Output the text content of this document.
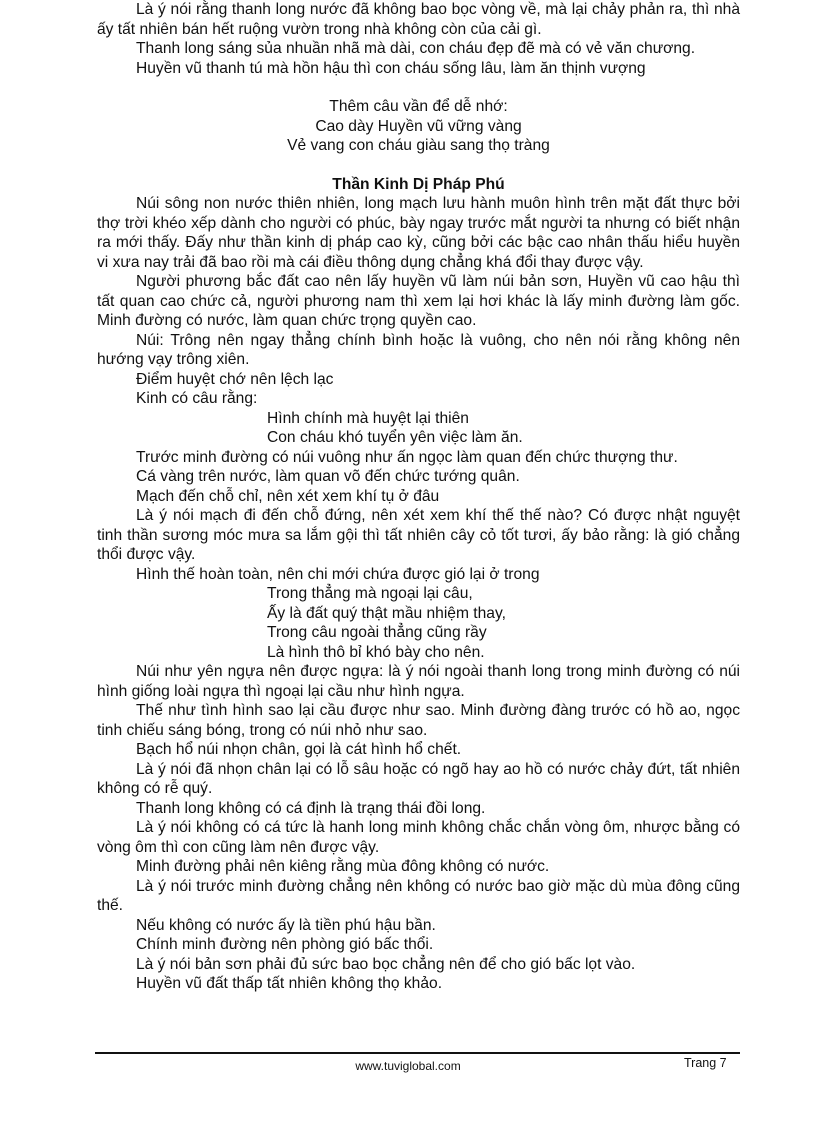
Là ý nói rằng thanh long nước đã không bao bọc vòng về, mà lại chảy phản ra, thì nhà ấy tất nhiên bán hết ruộng vườn trong nhà không còn của cải gì.

Thanh long sáng sủa nhuần nhã mà dài, con cháu đẹp đẽ mà có vẻ văn chương.

Huyền vũ thanh tú mà hồn hậu thì con cháu sống lâu, làm ăn thịnh vượng

Thêm câu vần để dễ nhớ:

Cao dày Huyền vũ vững vàng

Vẻ vang con cháu giàu sang thọ tràng

Thần Kinh Dị Pháp Phú

Núi sông non nước thiên nhiên, long mạch lưu hành muôn hình trên mặt đất thực bởi thợ trời khéo xếp dành cho người có phúc, bày ngay trước mắt người ta nhưng có biết nhận ra mới thấy. Đấy như thần kinh dị pháp cao kỳ, cũng bởi các bậc cao nhân thấu hiểu huyền vi xưa nay trải đã bao rồi mà cái điều thông dụng chẳng khá đổi thay được vậy.

Người phương bắc đất cao nên lấy huyền vũ làm núi bản sơn, Huyền vũ cao hậu thì tất quan cao chức cả, người phương nam thì xem lại hơi khác là lấy minh đường làm gốc. Minh đường có nước, làm quan chức trọng quyền cao.

Núi: Trông nên ngay thẳng chính bình hoặc là vuông, cho nên nói rằng không nên hướng vạy trông xiên.

Điểm huyệt chớ nên lệch lạc

Kinh có câu rằng:

Hình chính mà huyệt lại thiên

Con cháu khó tuyển yên việc làm ăn.

Trước minh đường có núi vuông như ấn ngọc làm quan đến chức thượng thư.

Cá vàng trên nước, làm quan võ đến chức tướng quân.

Mạch đến chỗ chỉ, nên xét xem khí tụ ở đâu

Là ý nói mạch đi đến chỗ đứng, nên xét xem khí thế thế nào? Có được nhật nguyệt tinh thần sương móc mưa sa lắm gội thì tất nhiên cây cỏ tốt tươi, ấy bảo rằng: là gió chẳng thổi được vậy.

Hình thế hoàn toàn, nên chi mới chứa được gió lại ở trong

Trong thẳng mà ngoại lại câu,

Ấy là đất quý thật mầu nhiệm thay,

Trong câu ngoài thẳng cũng rầy

Là hình thô bỉ khó bày cho nên.

Núi như yên ngựa nên được ngựa: là ý nói ngoài thanh long trong minh đường có núi hình giống loài ngựa thì ngoại lại cầu như hình ngựa.

Thế như tình hình sao lại cầu được như sao. Minh đường đàng trước có hồ ao, ngọc tinh chiếu sáng bóng, trong có núi nhỏ như sao.

Bạch hổ núi nhọn chân, gọi là cát hình hổ chết.

Là ý nói đã nhọn chân lại có lỗ sâu hoặc có ngõ hay ao hồ có nước chảy đứt, tất nhiên không có rễ quý.

Thanh long không có cá định là trạng thái đồi long.

Là ý nói không có cá tức là hanh long minh không chắc chắn vòng ôm, nhược bằng có vòng ôm thì con cũng làm nên được vậy.

Minh đường phải nên kiêng rằng mùa đông không có nước.

Là ý nói trước minh đường chẳng nên không có nước bao giờ mặc dù mùa đông cũng thế.

Nếu không có nước ấy là tiền phú hậu bần.

Chính minh đường nên phòng gió bấc thổi.

Là ý nói bản sơn phải đủ sức bao bọc chẳng nên để cho gió bấc lọt vào.

Huyền vũ đất thấp tất nhiên không thọ khảo.

www.tuviglobal.com	Trang 7
